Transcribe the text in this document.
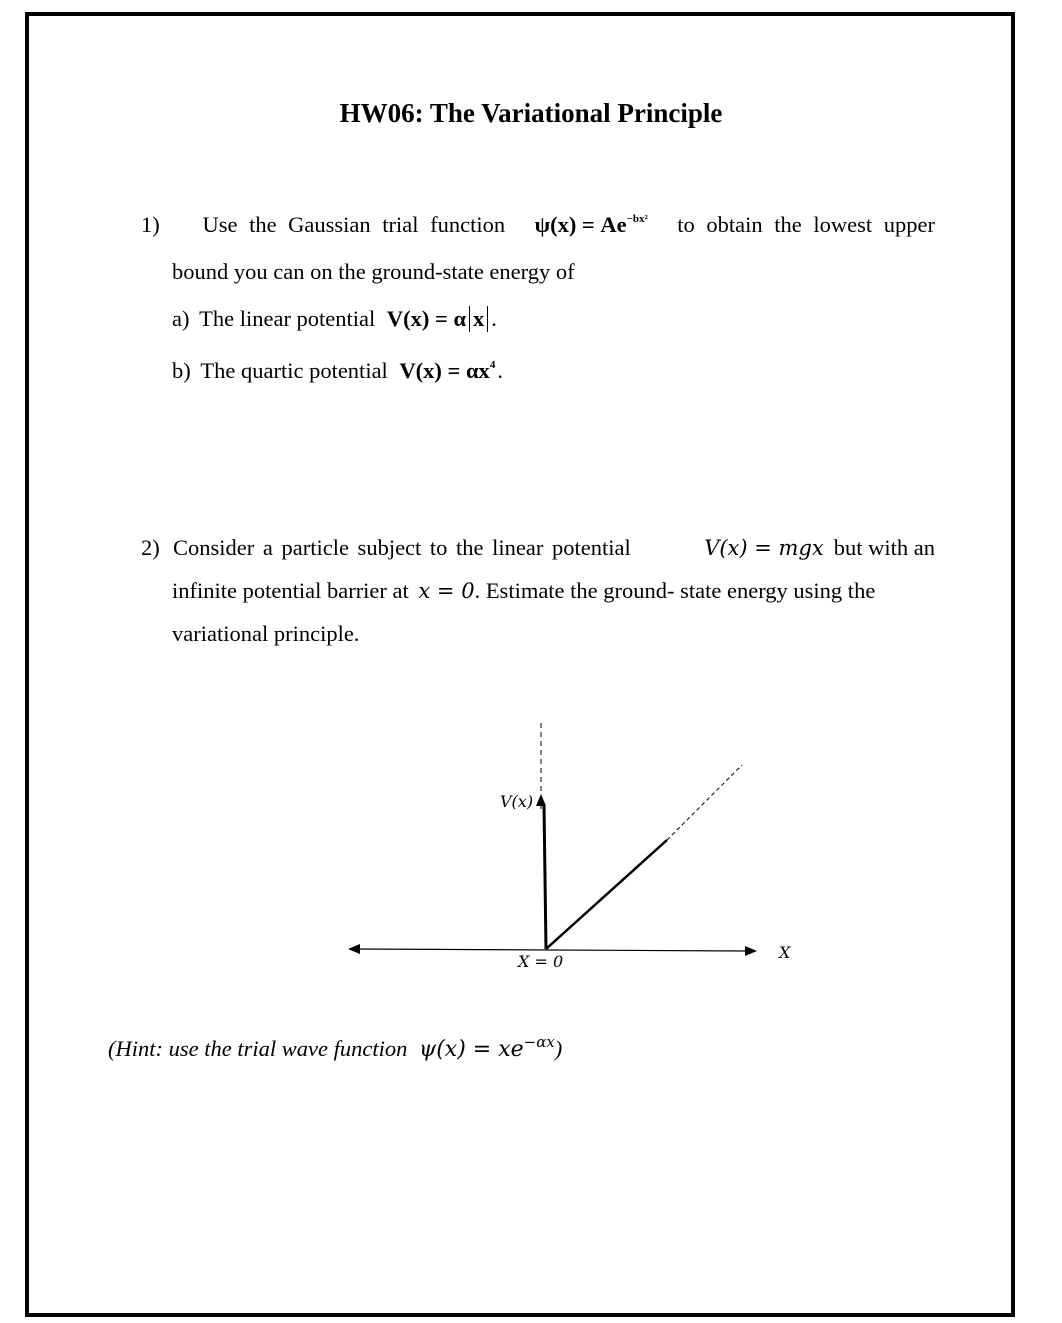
HW06: The Variational Principle
1)	Use the Gaussian trial function $\psi(x) = Ae^{-bx^2}$ to obtain the lowest upper
bound you can on the ground-state energy of
a) The linear potential V(x) = α x .
b) The quartic potential $V(x) = \alpha x^4$.
2) Consider a particle subject to the linear potential	V(x) = mgx but with an
infinite potential barrier at x = 0. Estimate the ground- state energy using the
variational principle.
V(x)
X
X = 0
(Hint: use the trial wave function $\psi(x) = xe^{-\alpha x}$)
